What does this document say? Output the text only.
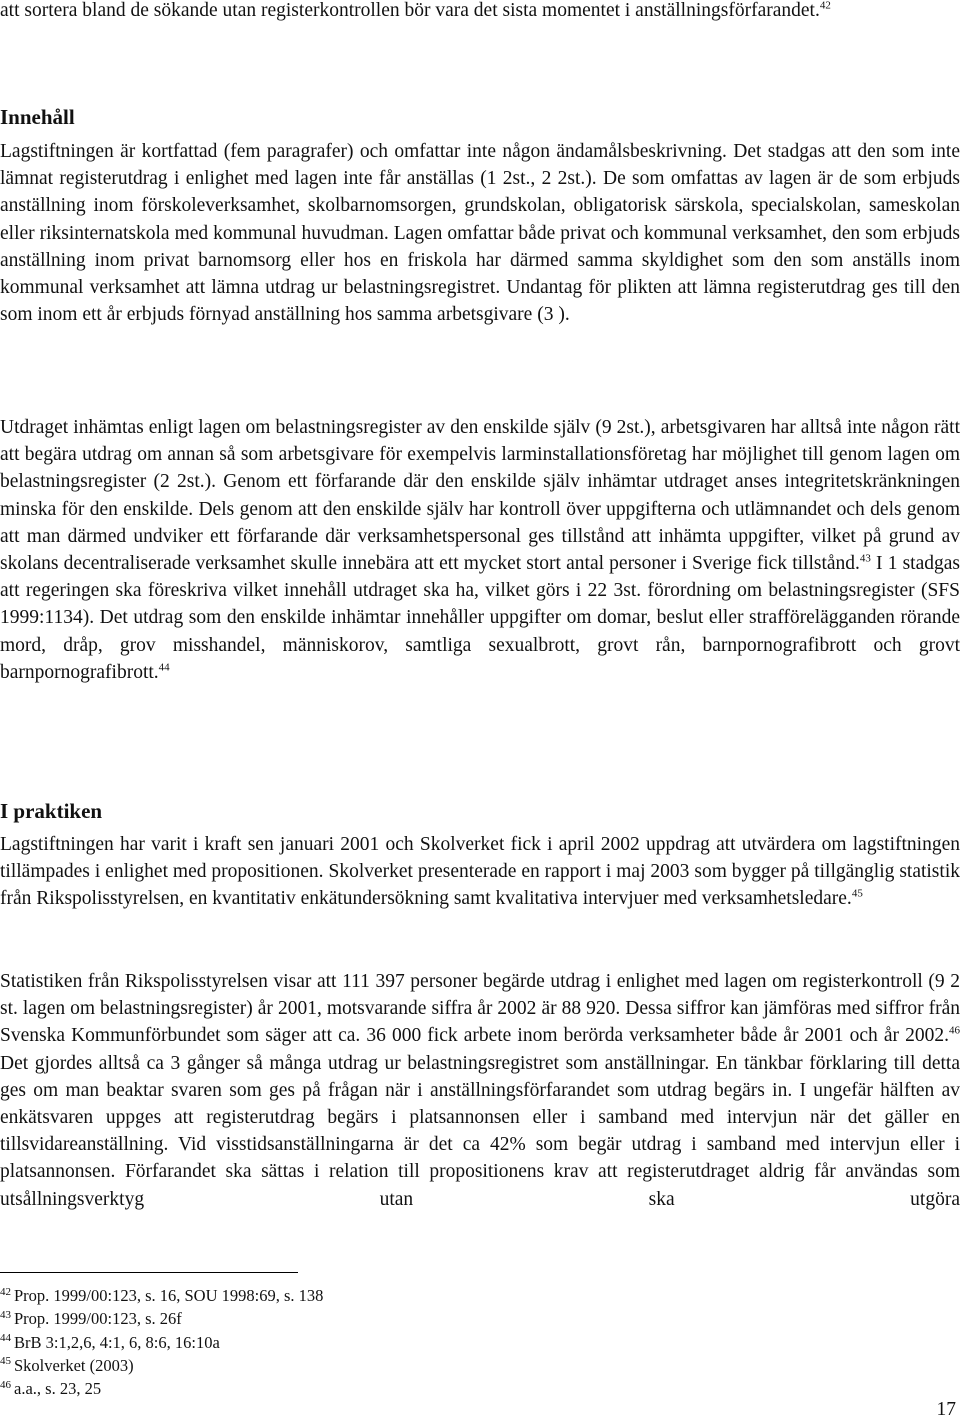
att sortera bland de sökande utan registerkontrollen bör vara det sista momentet i anställningsförfarandet.$^{42}$

Innehåll

Lagstiftningen är kortfattad (fem paragrafer) och omfattar inte någon ändamålsbeskrivning. Det stadgas att den som inte lämnat registerutdrag i enlighet med lagen inte får anställas (1 2st., 2 2st.). De som omfattas av lagen är de som erbjuds anställning inom förskoleverksamhet, skolbarnomsorgen, grundskolan, obligatorisk särskola, specialskolan, sameskolan eller riksinternatskola med kommunal huvudman. Lagen omfattar både privat och kommunal verksamhet, den som erbjuds anställning inom privat barnomsorg eller hos en friskola har därmed samma skyldighet som den som anställs inom kommunal verksamhet att lämna utdrag ur belastningsregistret. Undantag för plikten att lämna registerutdrag ges till den som inom ett år erbjuds förnyad anställning hos samma arbetsgivare (3 ).

Utdraget inhämtas enligt lagen om belastningsregister av den enskilde själv (9 2st.), arbetsgivaren har alltså inte någon rätt att begära utdrag om annan så som arbetsgivare för exempelvis larminstallationsföretag har möjlighet till genom lagen om belastningsregister (2 2st.). Genom ett förfarande där den enskilde själv inhämtar utdraget anses integritetskränkningen minska för den enskilde. Dels genom att den enskilde själv har kontroll över uppgifterna och utlämnandet och dels genom att man därmed undviker ett förfarande där verksamhetspersonal ges tillstånd att inhämta uppgifter, vilket på grund av skolans decentraliserade verksamhet skulle innebära att ett mycket stort antal personer i Sverige fick tillstånd.$^{43}$ I 1 stadgas att regeringen ska föreskriva vilket innehåll utdraget ska ha, vilket görs i 22 3st. förordning om belastningsregister (SFS 1999:1134). Det utdrag som den enskilde inhämtar innehåller uppgifter om domar, beslut eller strafförelägganden rörande mord, dråp, grov misshandel, människorov, samtliga sexualbrott, grovt rån, barnpornografibrott och grovt barnpornografibrott.$^{44}$

I praktiken

Lagstiftningen har varit i kraft sen januari 2001 och Skolverket fick i april 2002 uppdrag att utvärdera om lagstiftningen tillämpades i enlighet med propositionen. Skolverket presenterade en rapport i maj 2003 som bygger på tillgänglig statistik från Rikspolisstyrelsen, en kvantitativ enkätundersökning samt kvalitativa intervjuer med verksamhetsledare.$^{45}$

Statistiken från Rikspolisstyrelsen visar att 111 397 personer begärde utdrag i enlighet med lagen om registerkontroll (9 2 st. lagen om belastningsregister) år 2001, motsvarande siffra år 2002 är 88 920. Dessa siffror kan jämföras med siffror från Svenska Kommunförbundet som säger att ca. 36 000 fick arbete inom berörda verksamheter både år 2001 och år 2002.46 Det gjordes alltså ca 3 gånger så många utdrag ur belastningsregistret som anställningar. En tänkbar förklaring till detta ges om man beaktar svaren som ges på frågan när i anställningsförfarandet som utdrag begärs in. I ungefär hälften av enkätsvaren uppges att registerutdrag begärs i platsannonsen eller i samband med intervjun när det gäller en tillsvidareanställning. Vid visstidsanställningarna är det ca 42% som begär utdrag i samband med intervjun eller i platsannonsen. Förfarandet ska sättas i relation till propositionens krav att registerutdraget aldrig får användas som utsållningsverktyg utan ska utgöra

$^{42}$ Prop. 1999/00:123, s. 16, SOU 1998:69, s. 138
$^{43}$ Prop. 1999/00:123, s. 26f
$^{44}$ BrB 3:1,2,6, 4:1, 6, 8:6, 16:10a
$^{45}$ Skolverket (2003)
$^{46}$ a.a., s. 23, 25
17
